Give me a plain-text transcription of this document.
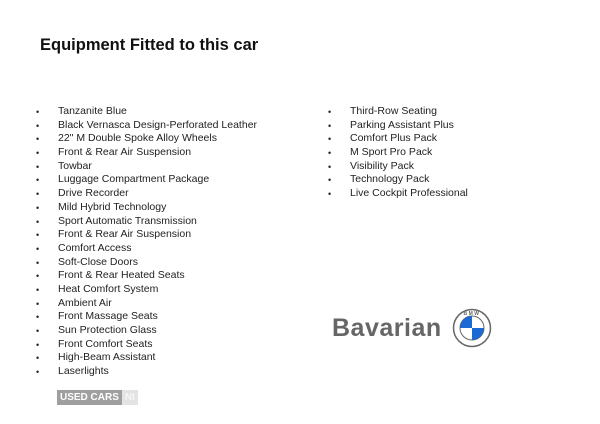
Equipment Fitted to this car
• Tanzanite Blue
• Black Vernasca Design-Perforated Leather
• 22" M Double Spoke Alloy Wheels
• Front & Rear Air Suspension
• Towbar
• Luggage Compartment Package
• Drive Recorder
• Mild Hybrid Technology
• Sport Automatic Transmission
• Front & Rear Air Suspension
• Comfort Access
• Soft-Close Doors
• Front & Rear Heated Seats
• Heat Comfort System
• Ambient Air
• Front Massage Seats
• Sun Protection Glass
• Front Comfort Seats
• High-Beam Assistant
• Laserlights
• Third-Row Seating
• Parking Assistant Plus
• Comfort Plus Pack
• M Sport Pro Pack
• Visibility Pack
• Technology Pack
• Live Cockpit Professional
USED CARS NI
Bavarian	BMW
